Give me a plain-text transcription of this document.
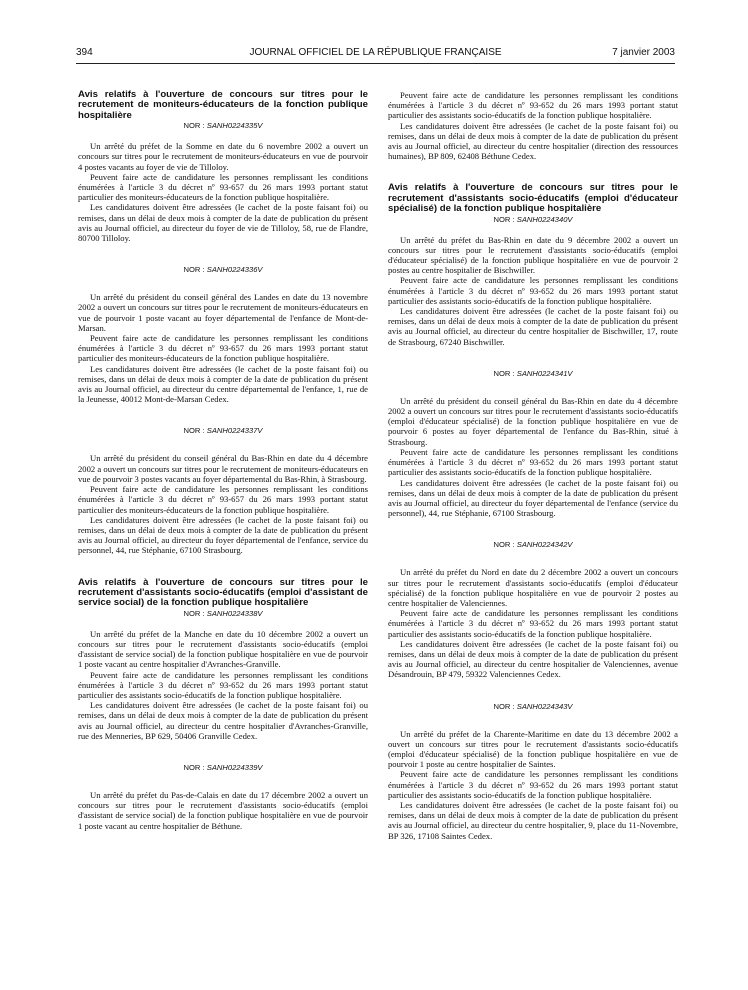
394	JOURNAL OFFICIEL DE LA RÉPUBLIQUE FRANÇAISE	7 janvier 2003
Avis relatifs à l'ouverture de concours sur titres pour le recrutement de moniteurs-éducateurs de la fonction publique hospitalière
NOR : SANH0224335V

Un arrêté du préfet de la Somme en date du 6 novembre 2002 a ouvert un concours sur titres pour le recrutement de moniteurs-éducateurs en vue de pourvoir 4 postes vacants au foyer de vie de Tilloloy.

Peuvent faire acte de candidature les personnes remplissant les conditions énumérées à l'article 3 du décret nº 93-657 du 26 mars 1993 portant statut particulier des moniteurs-éducateurs de la fonction publique hospitalière.

Les candidatures doivent être adressées (le cachet de la poste faisant foi) ou remises, dans un délai de deux mois à compter de la date de publication du présent avis au Journal officiel, au directeur du foyer de vie de Tilloloy, 58, rue de Flandre, 80700 Tilloloy.

NOR : SANH0224336V

Un arrêté du président du conseil général des Landes en date du 13 novembre 2002 a ouvert un concours sur titres pour le recrutement de moniteurs-éducateurs en vue de pourvoir 1 poste vacant au foyer départemental de l'enfance de Mont-de-Marsan.

Peuvent faire acte de candidature les personnes remplissant les conditions énumérées à l'article 3 du décret nº 93-657 du 26 mars 1993 portant statut particulier des moniteurs-éducateurs de la fonction publique hospitalière.

Les candidatures doivent être adressées (le cachet de la poste faisant foi) ou remises, dans un délai de deux mois à compter de la date de publication du présent avis au Journal officiel, au directeur du centre départemental de l'enfance, 1, rue de la Jeunesse, 40012 Mont-de-Marsan Cedex.

NOR : SANH0224337V

Un arrêté du président du conseil général du Bas-Rhin en date du 4 décembre 2002 a ouvert un concours sur titres pour le recrutement de moniteurs-éducateurs en vue de pourvoir 3 postes vacants au foyer départemental du Bas-Rhin, à Strasbourg.

Peuvent faire acte de candidature les personnes remplissant les conditions énumérées à l'article 3 du décret nº 93-657 du 26 mars 1993 portant statut particulier des moniteurs-éducateurs de la fonction publique hospitalière.

Les candidatures doivent être adressées (le cachet de la poste faisant foi) ou remises, dans un délai de deux mois à compter de la date de publication du présent avis au Journal officiel, au directeur du foyer départemental de l'enfance, service du personnel, 44, rue Stéphanie, 67100 Strasbourg.

Avis relatifs à l'ouverture de concours sur titres pour le recrutement d'assistants socio-éducatifs (emploi d'assistant de service social) de la fonction publique hospitalière
NOR : SANH0224338V

Un arrêté du préfet de la Manche en date du 10 décembre 2002 a ouvert un concours sur titres pour le recrutement d'assistants socio-éducatifs (emploi d'assistant de service social) de la fonction publique hospitalière en vue de pourvoir 1 poste vacant au centre hospitalier d'Avranches-Granville.

Peuvent faire acte de candidature les personnes remplissant les conditions énumérées à l'article 3 du décret nº 93-652 du 26 mars 1993 portant statut particulier des assistants socio-éducatifs de la fonction publique hospitalière.

Les candidatures doivent être adressées (le cachet de la poste faisant foi) ou remises, dans un délai de deux mois à compter de la date de publication du présent avis au Journal officiel, au directeur du centre hospitalier d'Avranches-Granville, rue des Menneries, BP 629, 50406 Granville Cedex.

NOR : SANH0224339V

Un arrêté du préfet du Pas-de-Calais en date du 17 décembre 2002 a ouvert un concours sur titres pour le recrutement d'assistants socio-éducatifs (emploi d'assistant de service social) de la fonction publique hospitalière en vue de pourvoir 1 poste vacant au centre hospitalier de Béthune.

Peuvent faire acte de candidature les personnes remplissant les conditions énumérées à l'article 3 du décret nº 93-652 du 26 mars 1993 portant statut particulier des assistants socio-éducatifs de la fonction publique hospitalière.

Les candidatures doivent être adressées (le cachet de la poste faisant foi) ou remises, dans un délai de deux mois à compter de la date de publication du présent avis au Journal officiel, au directeur du centre hospitalier (direction des ressources humaines), BP 809, 62408 Béthune Cedex.

Avis relatifs à l'ouverture de concours sur titres pour le recrutement d'assistants socio-éducatifs (emploi d'éducateur spécialisé) de la fonction publique hospitalière
NOR : SANH0224340V

Un arrêté du préfet du Bas-Rhin en date du 9 décembre 2002 a ouvert un concours sur titres pour le recrutement d'assistants socio-éducatifs (emploi d'éducateur spécialisé) de la fonction publique hospitalière en vue de pourvoir 2 postes au centre hospitalier de Bischwiller.

Peuvent faire acte de candidature les personnes remplissant les conditions énumérées à l'article 3 du décret nº 93-652 du 26 mars 1993 portant statut particulier des assistants socio-éducatifs de la fonction publique hospitalière.

Les candidatures doivent être adressées (le cachet de la poste faisant foi) ou remises, dans un délai de deux mois à compter de la date de publication du présent avis au Journal officiel, au directeur du centre hospitalier de Bischwiller, 17, route de Strasbourg, 67240 Bischwiller.

NOR : SANH0224341V

Un arrêté du président du conseil général du Bas-Rhin en date du 4 décembre 2002 a ouvert un concours sur titres pour le recrutement d'assistants socio-éducatifs (emploi d'éducateur spécialisé) de la fonction publique hospitalière en vue de pourvoir 6 postes au foyer départemental de l'enfance du Bas-Rhin, situé à Strasbourg.

Peuvent faire acte de candidature les personnes remplissant les conditions énumérées à l'article 3 du décret nº 93-652 du 26 mars 1993 portant statut particulier des assistants socio-éducatifs de la fonction publique hospitalière.

Les candidatures doivent être adressées (le cachet de la poste faisant foi) ou remises, dans un délai de deux mois à compter de la date de publication du présent avis au Journal officiel, au directeur du foyer départemental de l'enfance (service du personnel), 44, rue Stéphanie, 67100 Strasbourg.

NOR : SANH0224342V

Un arrêté du préfet du Nord en date du 2 décembre 2002 a ouvert un concours sur titres pour le recrutement d'assistants socio-éducatifs (emploi d'éducateur spécialisé) de la fonction publique hospitalière en vue de pourvoir 2 postes au centre hospitalier de Valenciennes.

Peuvent faire acte de candidature les personnes remplissant les conditions énumérées à l'article 3 du décret nº 93-652 du 26 mars 1993 portant statut particulier des assistants socio-éducatifs de la fonction publique hospitalière.

Les candidatures doivent être adressées (le cachet de la poste faisant foi) ou remises, dans un délai de deux mois à compter de la date de publication du présent avis au Journal officiel, au directeur du centre hospitalier de Valenciennes, avenue Désandrouin, BP 479, 59322 Valenciennes Cedex.

NOR : SANH0224343V

Un arrêté du préfet de la Charente-Maritime en date du 13 décembre 2002 a ouvert un concours sur titres pour le recrutement d'assistants socio-éducatifs (emploi d'éducateur spécialisé) de la fonction publique hospitalière en vue de pourvoir 1 poste au centre hospitalier de Saintes.

Peuvent faire acte de candidature les personnes remplissant les conditions énumérées à l'article 3 du décret nº 93-652 du 26 mars 1993 portant statut particulier des assistants socio-éducatifs de la fonction publique hospitalière.

Les candidatures doivent être adressées (le cachet de la poste faisant foi) ou remises, dans un délai de deux mois à compter de la date de publication du présent avis au Journal officiel, au directeur du centre hospitalier, 9, place du 11-Novembre, BP 326, 17108 Saintes Cedex.
